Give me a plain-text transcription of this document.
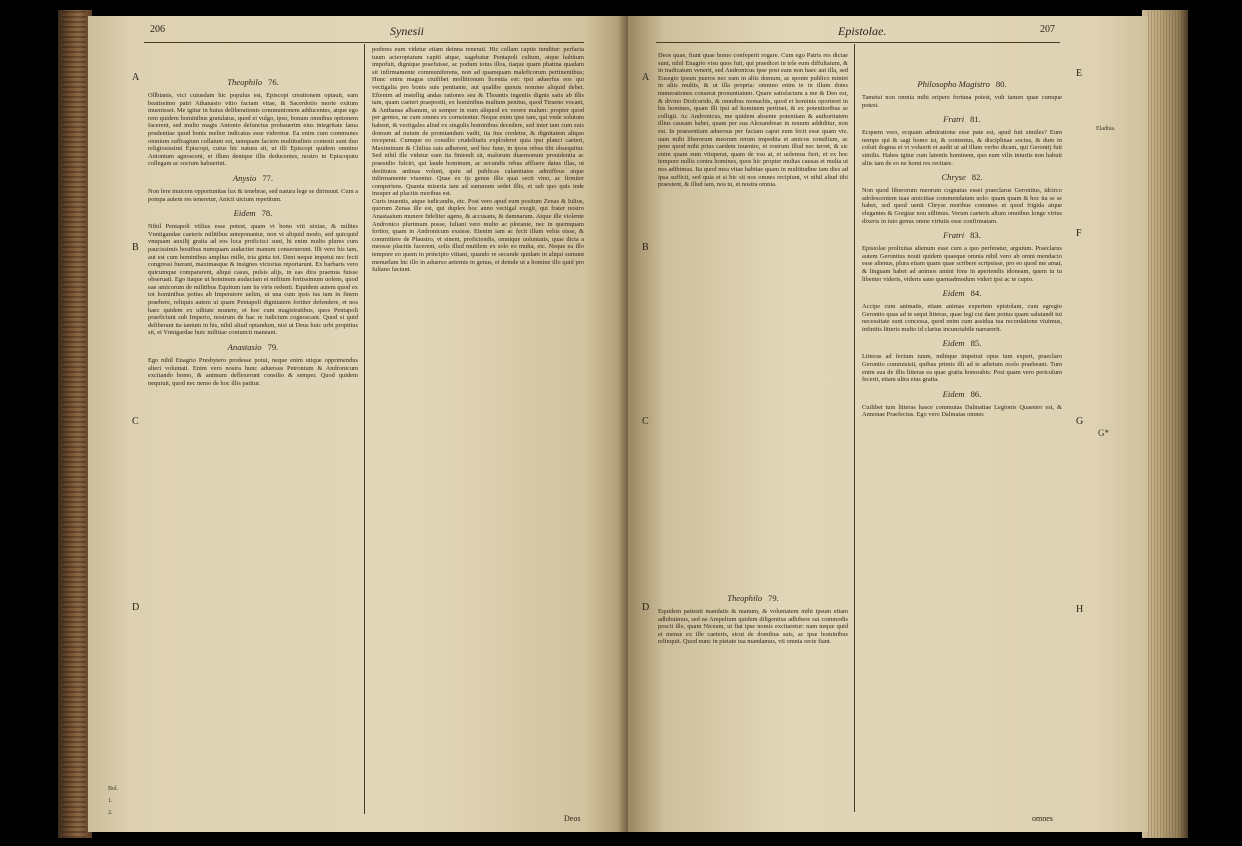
206	Synesii
A
B
C
D
Bol.
1.
2.
Theophilo 76.

Ollbianis, vici cuiusdam hic populus est, Episcopi creationem optauit, eam beatissimo patri Athanasio vitio factam vitae, & Sacerdotio morte exitum inuenisset. Me igitur in huius deliberationis communionem adducentes, atque ego rem quidem hominibus gratulatus, quod ei vulgo, ipso, bonum omnibus optionem facerent, sed multo magis Antonio defunctus probauerim eius integritate fama prudentiae quod bonis melior indicatus esse videretur. Ea enim cum communes omnium suffragium collatum est, tamquam faciem multitudinis contenti sunt duo religiosissimi Episcopi, cuius hic natura sit, ut illi Episcopi quidem omnino Antonium agnoscent, et illum denique illis deducentes, nostro in Episcopatu collegam ac socium habuerint.

Anysio 77.

Non fere inuicem opportunitas lux & tenebrae, sed natura lege se dirimunt. Cum a pompa autem res teneretur, Anicii uicium repetitum.

Eidem 78.

Nihil Pentapoli vtilius esse potest, quam vt bono viti uixtae, & milites Vnniigandae caeteris militibus anteponantur, non vt aliquid modo, sed quicquid vmquam auxilij gratia ad eos loca proficisci sunt, hi enim multo plures cum paucissimis hostibus numquam audaciter manum conseruerunt. Illi vero his iam, aut est cum hominibus amplius mille, tria ginta tot. Dent neque impetui nec fecti congressi fuerant, maximasque & insignes victorias reportarunt. Ex barbaris vero quicumque compararent, aliqui casus, pulsis alijs, in eas dira praemia fuisse obseruati. Ego itaque ut hominum audaciam et militum fortissimum uolens, quod eae amicorum de militibus Equitum iam iis viris redenti. Equidem autem quod ex tot hominibus potius ab Imperatore uelim, ut una cum ipsis ius tam in finem praebere, reliquis autem ut quam Pentapoli dignitatem fortiter defendere, et nos haec quidem ex uilitate munere, et hoc cum magistratibus, quos Pentapoli praeficiunt sub Imperio, nostrum de hac re iudicium cognoscant. Quod si quid deliberant ita tantum in his, nihil aliud optandum, nisi ut Deus huic urbi propitius sit, et Vnnigardae huic militiae coniuncti maneant.

Anastasio 79.

Ego nihil Enagrio Presbytero prodesse potui, neque enim utique opprimendus alteri voluntati. Enim vero nostra hunc aduersus Petronium & Andronicum excitando homo, & animum deflexerunt consilio & semper. Quod quidem nequiuit, quod nec nemo de hoc illis patitur.

poderes eum videtur etiam deinna renerati. Hic cellam capite tunditur: perfacta tuum acteroptatum capiti atque, sagebatur Pentapoli cultum, atque habitum impofuit, dignique praefuisse, ac podum totus illos, itaque quam phatina quadam sit infirmamente communiferens, non ad quamquam maleficorum pertinentibus; Hunc enim magus ciuilibet mollitionum licentia est: ipsi aduerfus eos qui vectigalia pro bonis suis penitante, aut qualibe quouis nomine aliquid debet. Eftenim ad instellig andas rationes seu & Thoantis ingeniis dignis satis ab illis iam, quam caeteri praepositi, ex hominibus multum penitus, quod Tiraeno vocant, & Anthanas albanum, ut semper in eum aliquod ex verere malum: propter quod per gentes, ne cum omnes ex corneientur. Neque enim ipse iam, qui vnde solutum habent, & vectigales aliud ex singulis hominibus decedere, sed inter tam cum suis domum ad nutum de promtandum vadit, ita itus credetur, & dignitatem aliquo receperat. Cumque eo consilio crudelitatis exploderet quia ipsi planci caeteri, Maximinum & Chilius suis adherent, sed hoc fune, in ipsos rebus tibi obsequitur. Sed nihil ille videtur eam ita finiendi sit, malorum diaemonum prouidentia ac praesidio fulciri, qui laude hominum, ac secundis rebus affluere datus illas, ut destitutos aniinas volunt, quin ad publicas calamitates admiffeus atque infirmamente viuentur. Quae ex ijs genus illis quai secti vino, ac firmiter comperiens. Quanta miseria iam ad summum sedet illis, et sub quo quis inde insuper ad placitis moribus est.

Curis inuentis, atque iudicandis, etc. Post vero apud eum positum Zenas & Iulius, quorum Zenas ille est, qui duplex hoc anno vectigal exegit, qui frater nostro Anastasium munere fideliter agens, & accusans, & damnarum. Atque ille violente Andronico plurimum posse, Iuliani vero multo ac plorante, nec in quemquam fortior, quam in Andronicum exsisse. Etenim iam ac fecit illum vehis eisse, & committere de Plaustro, vt sinent, proficiendis, omnique uoluntatis, quae dicta a meosse placitis facerent, solis illud mutilem ex solo eo multa, etc. Neque ea illo tempore eo quem in principio vitiant, quando re secunde quidam in aliqui sumunt menuelam hic illo in aduerso aeternis in genus, et deinde ut a homine illo quid pro Iuliano faciunt.

Deos
Epistolae.	207
A
B
C
D
E
F
G
H
Eladius.
G*

Deos quae, fiunt quae homo confeperit rogare. Cum ego Patris res dictae sunt, nihil Enagrio visu quos fuit, qui praedicet in tele eum diffultatum, & in tradicatum venerit, sed Andronicus ipse post eam non haec aut illa, sed Eusegio ipsum pueros nec eam in aliis domum, ac sponte publico miniet in aliis multis, & ut illa propria: omnino enim te in illum dotes numerationes conserat pronuntiatum. Quare satisfactum a me & Deo est, & divino Diofcorido, & omnibus monachis, quod et hominis oporteret in his homines, quam illi ipsi ad hominem pertinet, & ex potentioribus se colligit. Ac Andronicus, me quidem absente potentiam & authoritatem illius causam habet, quam per sua Alexandreae in nouum addiditur, non est. In praesentiam aduersus per factam caput eum fecit esse quam viz. uum mihi liberorum meorum rerum impedita et amicos consilium, ac pene quod mihi prius caedem inuenire, et rostrum illud nec terret, & sic enim quam eum vituperat, quam de vsu at, et uolemus fieri, et ex hoc tempore nullis contra homines, quos hic propter multas causas et multa ut nos adibimus. Ita quod mea vitae habitae quam in multitudine iam dies ad ipsa sufficit, sed quia et si hic sit nos omnes recipiunt, vt nihil aliud tibi praestent, & illud iam, nos tu, et nostra omnia.

Theophilo 79.

Equidem patienti mandatis & manum, & voluntatem mihi ipsum etiam adhibuimus, sed ne Ampelium quidem diligentius adhibere sui commodis poscit ille, quam Niceam, ut fiat ipse nomis excitaretur: nam neque quid et mense ex ille caeteris, sicut de domibus suis, ac ipse hominibus relinquit. Quod nunc in pietate tua mandamus, vti omnia recte fiant.

Philosopho Magistro 80.

Tametsi non omnia mihi eripere fortuna potest, vult tamen quae cumque potest.

Fratri 81.

Ecquem vero, ecquam admiratione esse pate est, apud fuit similes? Eum nempe qui & sagi homo ist, & contentus, & disciplinae socius, & dum in coluit dogma et vt voluerit et audit ut ad illum verbo dicam, qui Gerontij fuit similis. Habes igitur cum latentis hominem, quo eum vilis iniuriis non habuit aliis iam de eo ne homi res recitare.

Chryse 82.

Non quod liberorum meorum cognatus esset praeclarus Gerontius, idcirco adolescentem tuae amicitiae commendatum uolo: quam quam & hoc ita se se habet, sed quod uenit Chryse moribus comunes et quod frigida atque elegantes & Gorgiae nou sillimus. Verum caeteris altum omnibus longe virtus dixeris in tuto genus omne virtutis esse confirmatam.

Fratri 83.

Epistolae prolixitas alienum esse cum a quo perferatur, argutum. Praeclarus autem Gerontius nouit quidem quaeque omnia nihil vero ab omni mendacio esse alienus, plura etiam quam quae scribere scripsisse, pro eo quod me amat, & linguam habet ad animos amini fons in aperiendis idoneam, quem tu tu libenter videris, videris sane quemadmodum videri ipsi ac te cupio.

Eidem 84.

Accipe cum animatis, etiam animas expertem epistolam, cum egregio Gerontio quas ad te sequi litteras, quae legi cui dam potius quam salutandi tui necessitate sunt concessa, quod enim cum assidua tua recordatione viuimus, infinitis litteris multo id clarius incunctabile narrarerit.

Eidem 85.

Litteras ad fectum tuum, mihique impetrat opus tum expert, praeclaro Gerontio commisisti, quibus primis illi ad te adietum ocelo praebeant. Tum enim sua de illis litteras ea quae gratia honorabis: Post quam vero periculum fecerit, etiam ultra eius gratia.

Eidem 86.

Cuilibet tum litteras hasce commutas Dalmatiae Legionis Quaestor est, & Annonae Praefectus. Ego vero Dalmatas omnes

omnes
